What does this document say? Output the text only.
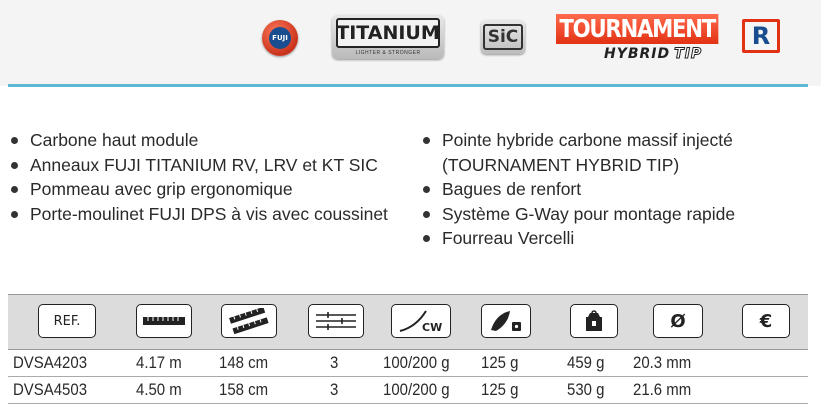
FUJI	TITANIUM
LIGHTER & STRONGER
SiC TOURNAMENT
HYBRID TIP
R
Carbone haut module
Anneaux FUJI TITANIUM RV, LRV et KT SIC
Pommeau avec grip ergonomique
Porte-moulinet FUJI DPS à vis avec coussinet
Pointe hybride carbone massif injecté (TOURNAMENT HYBRID TIP)
Bagues de renfort
Système G-Way pour montage rapide
Fourreau Vercelli
REF.	CW	Ø	€
DVSA4203	4.17 m 148 cm	3	100/200 g 125 g	459 g 20.3 mm
DVSA4503	4.50 m 158 cm	3	100/200 g 125 g	530 g 21.6 mm
